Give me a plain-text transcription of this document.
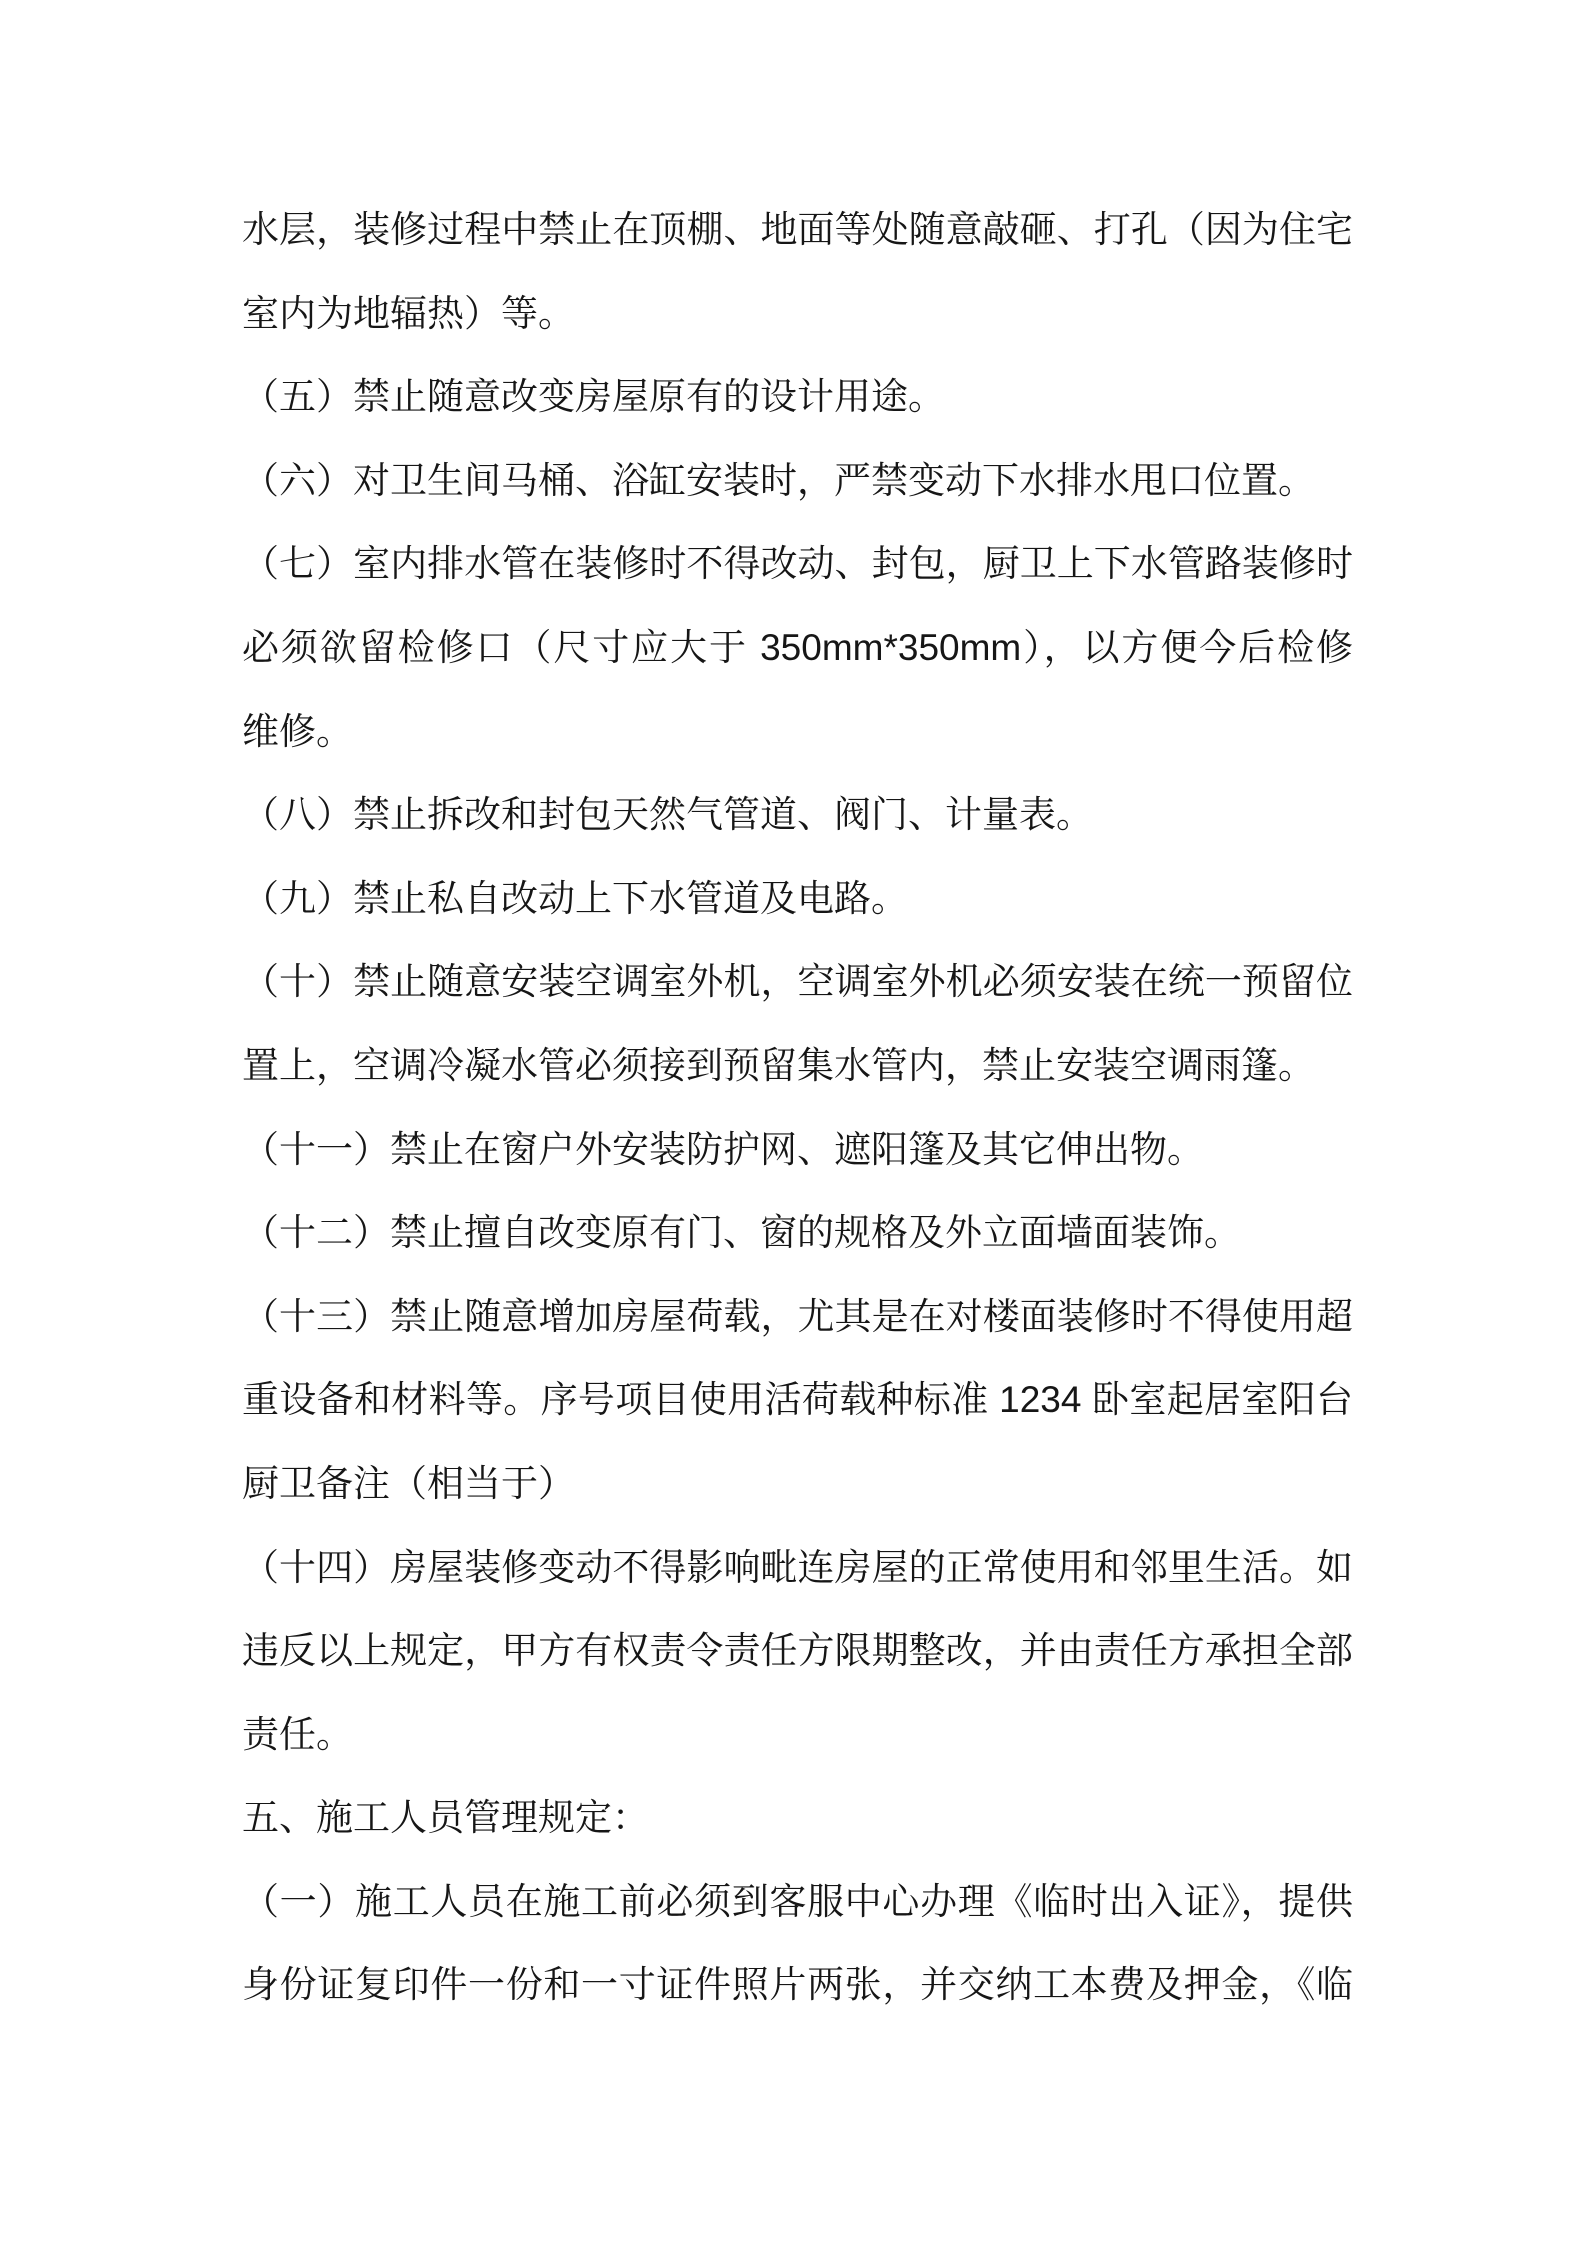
水层，装修过程中禁止在顶棚、地面等处随意敲砸、打孔（因为住宅
室内为地辐热）等。
（五）禁止随意改变房屋原有的设计用途。
（六）对卫生间马桶、浴缸安装时，严禁变动下水排水甩口位置。
（七）室内排水管在装修时不得改动、封包，厨卫上下水管路装修时
必须欲留检修口（尺寸应大于 350mm*350mm），以方便今后检修
维修。
（八）禁止拆改和封包天然气管道、阀门、计量表。
（九）禁止私自改动上下水管道及电路。
（十）禁止随意安装空调室外机，空调室外机必须安装在统一预留位
置上，空调冷凝水管必须接到预留集水管内，禁止安装空调雨篷。
（十一）禁止在窗户外安装防护网、遮阳篷及其它伸出物。
（十二）禁止擅自改变原有门、窗的规格及外立面墙面装饰。
（十三）禁止随意增加房屋荷载，尤其是在对楼面装修时不得使用超
重设备和材料等。序号项目使用活荷载种标准 1234 卧室起居室阳台
厨卫备注（相当于）
（十四）房屋装修变动不得影响毗连房屋的正常使用和邻里生活。如
违反以上规定，甲方有权责令责任方限期整改，并由责任方承担全部
责任。
五、施工人员管理规定：
（一）施工人员在施工前必须到客服中心办理《临时出入证》，提供
身份证复印件一份和一寸证件照片两张，并交纳工本费及押金，《临
